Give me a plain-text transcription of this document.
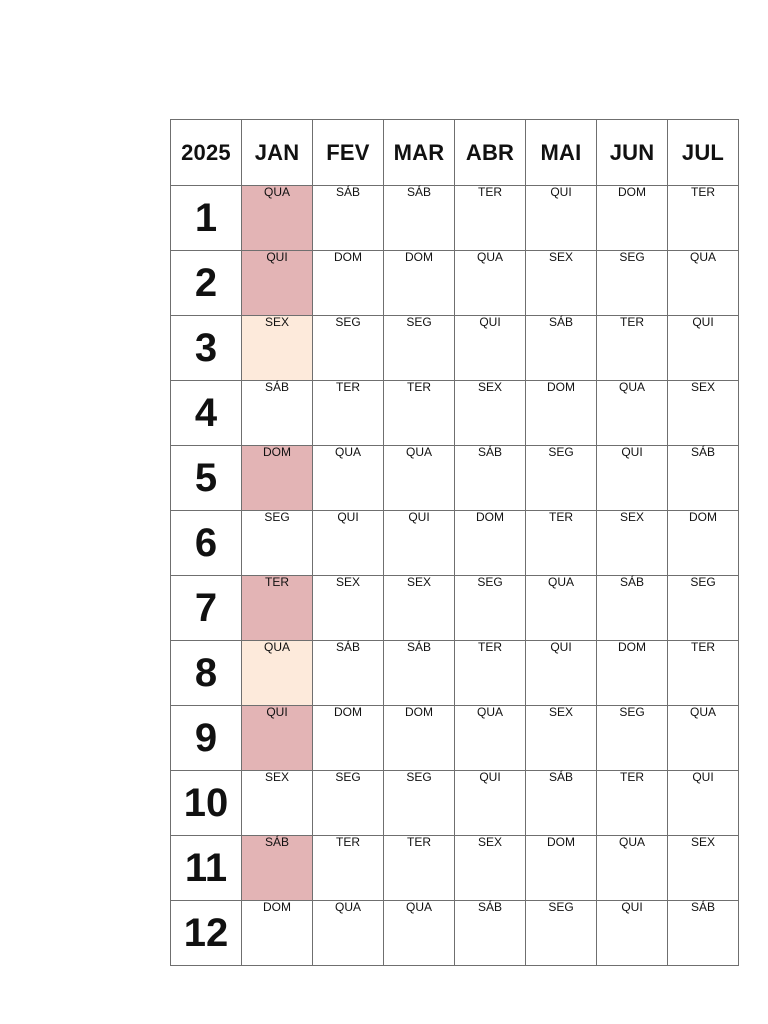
2025	JAN	FEV	MAR	ABR	MAI	JUN	JUL
1	QUA	SÁB	SÁB	TER	QUI	DOM	TER
2	QUI	DOM	DOM	QUA	SEX	SEG	QUA
3	SEX	SEG	SEG	QUI	SÁB	TER	QUI
4	SÁB	TER	TER	SEX	DOM	QUA	SEX
5	DOM	QUA	QUA	SÁB	SEG	QUI	SÁB
6	SEG	QUI	QUI	DOM	TER	SEX	DOM
7	TER	SEX	SEX	SEG	QUA	SÁB	SEG
8	QUA	SÁB	SÁB	TER	QUI	DOM	TER
9	QUI	DOM	DOM	QUA	SEX	SEG	QUA
10	SEX	SEG	SEG	QUI	SÁB	TER	QUI
11	SÁB	TER	TER	SEX	DOM	QUA	SEX
12	DOM	QUA	QUA	SÁB	SEG	QUI	SÁB
